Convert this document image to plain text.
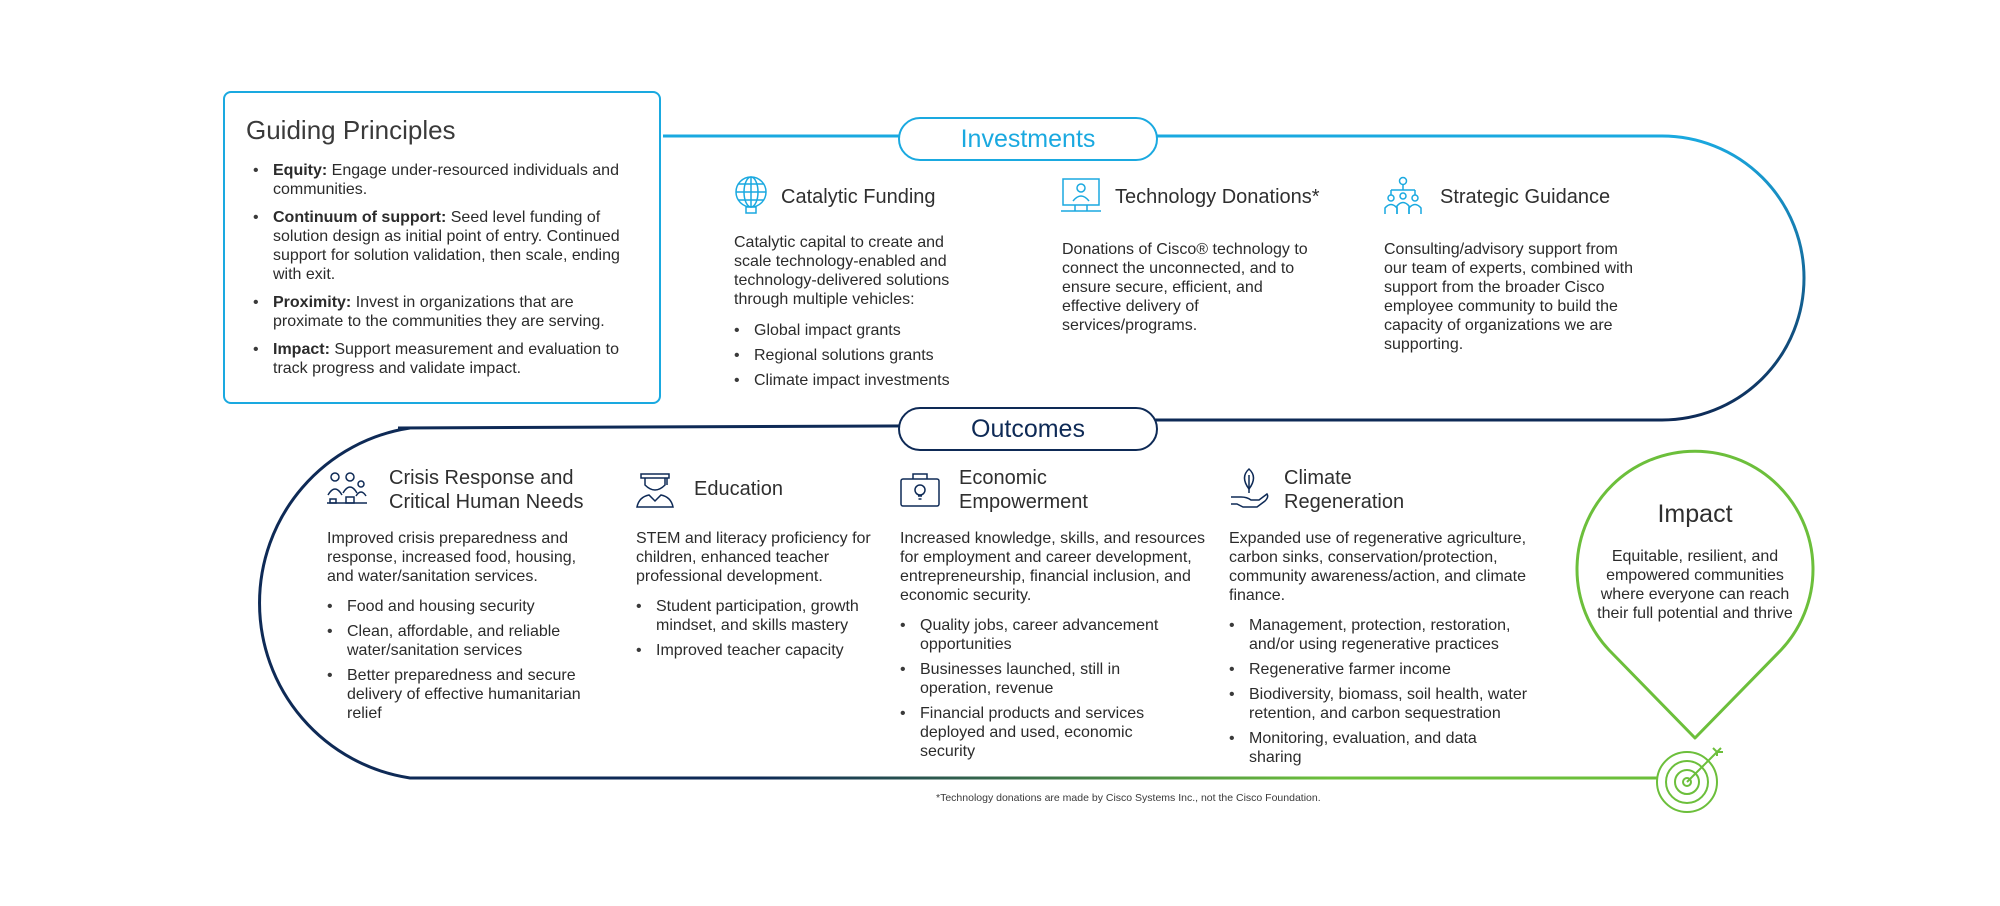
Guiding Principles
• Equity: Engage under-resourced individuals and communities.
• Continuum of support: Seed level funding of solution design as initial point of entry. Continued support for solution validation, then scale, ending with exit.
• Proximity: Invest in organizations that are proximate to the communities they are serving.
• Impact: Support measurement and evaluation to track progress and validate impact.
Investments
Catalytic Funding
Catalytic capital to create and scale technology-enabled and technology-delivered solutions through multiple vehicles:
• Global impact grants
• Regional solutions grants
• Climate impact investments
Technology Donations*
Donations of Cisco® technology to connect the unconnected, and to ensure secure, efficient, and effective delivery of services/programs.
Strategic Guidance
Consulting/advisory support from our team of experts, combined with support from the broader Cisco employee community to build the capacity of organizations we are supporting.
Outcomes
Crisis Response and
Critical Human Needs
Improved crisis preparedness and response, increased food, housing, and water/sanitation services.
• Food and housing security
• Clean, affordable, and reliable water/sanitation services
• Better preparedness and secure delivery of effective humanitarian relief
Education
STEM and literacy proficiency for children, enhanced teacher professional development.
• Student participation, growth mindset, and skills mastery
• Improved teacher capacity
Economic
Empowerment
Increased knowledge, skills, and resources for employment and career development, entrepreneurship, financial inclusion, and economic security.
• Quality jobs, career advancement opportunities
• Businesses launched, still in operation, revenue
• Financial products and services deployed and used, economic security
Climate
Regeneration
Expanded use of regenerative agriculture, carbon sinks, conservation/protection, community awareness/action, and climate finance.
• Management, protection, restoration, and/or using regenerative practices
• Regenerative farmer income
• Biodiversity, biomass, soil health, water retention, and carbon sequestration
• Monitoring, evaluation, and data sharing
Impact
Equitable, resilient, and empowered communities where everyone can reach their full potential and thrive
*Technology donations are made by Cisco Systems Inc., not the Cisco Foundation.
